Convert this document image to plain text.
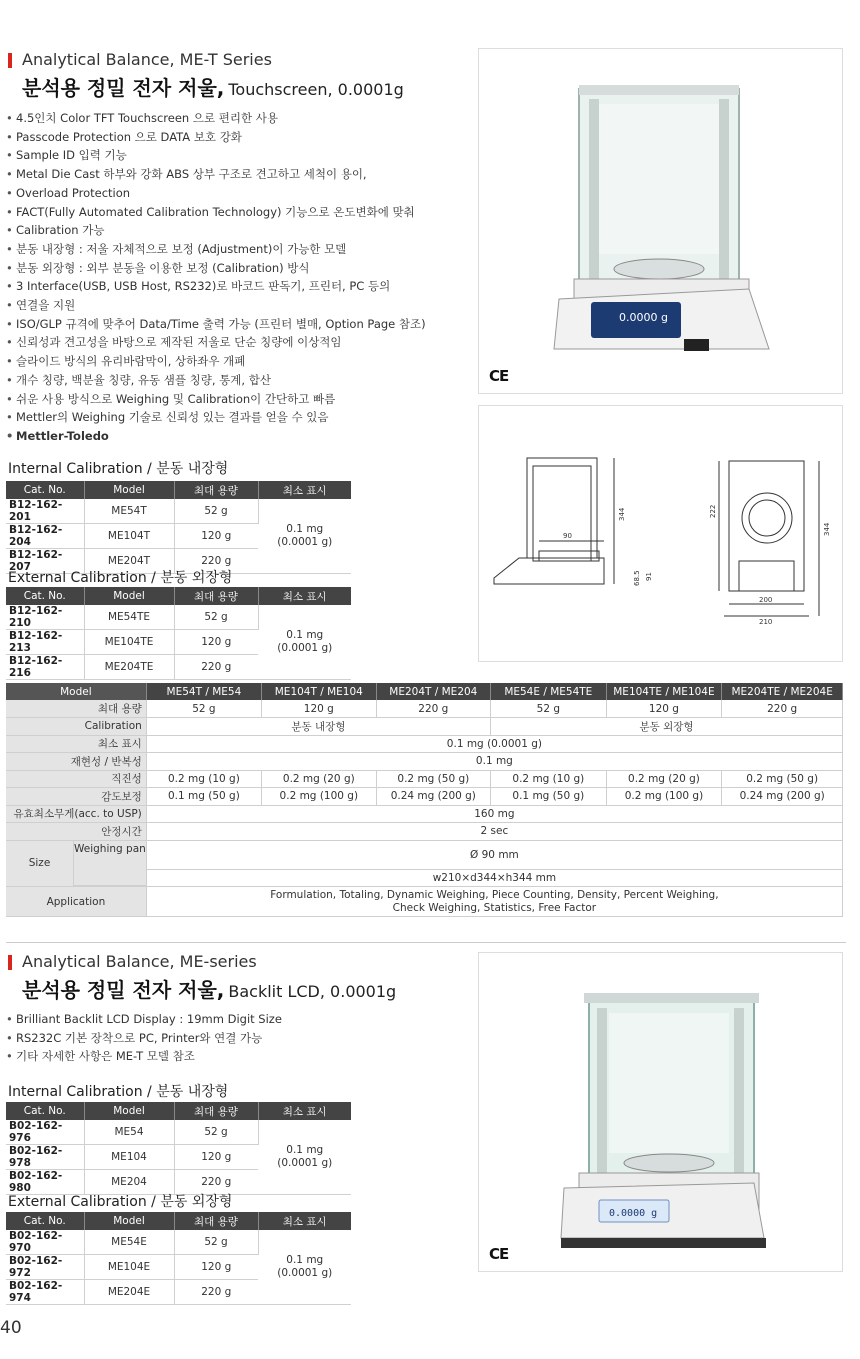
Analytical Balance, ME-T Series
분석용 정밀 전자 저울, Touchscreen, 0.0001g
• 4.5인치 Color TFT Touchscreen 으로 편리한 사용
• Passcode Protection 으로 DATA 보호 강화
• Sample ID 입력 기능
• Metal Die Cast 하부와 강화 ABS 상부 구조로 견고하고 세척이 용이,
• Overload Protection
• FACT(Fully Automated Calibration Technology) 기능으로 온도변화에 맞춰
• Calibration 가능
• 분동 내장형 : 저울 자체적으로 보정 (Adjustment)이 가능한 모델
• 분동 외장형 : 외부 분동을 이용한 보정 (Calibration) 방식
• 3 Interface(USB, USB Host, RS232)로 바코드 판독기, 프린터, PC 등의
• 연결을 지원
• ISO/GLP 규격에 맞추어 Data/Time 출력 가능 (프린터 별매, Option Page 참조)
• 신뢰성과 견고성을 바탕으로 제작된 저울로 단순 칭량에 이상적임
• 슬라이드 방식의 유리바람막이, 상하좌우 개폐
• 개수 칭량, 백분율 칭량, 유동 샘플 칭량, 통계, 합산
• 쉬운 사용 방식으로 Weighing 및 Calibration이 간단하고 빠름
• Mettler의 Weighing 기술로 신뢰성 있는 결과를 얻을 수 있음
• Mettler-Toledo
Internal Calibration / 분동 내장형
Cat. No.	Model	최대 용량	최소 표시
B12-162-201	ME54T	52 g	0.1 mg
(0.0001 g)
B12-162-204	ME104T	120 g	
B12-162-207	ME204T	220 g	
External Calibration / 분동 외장형
Cat. No.	Model	최대 용량	최소 표시
B12-162-210	ME54TE	52 g	0.1 mg
(0.0001 g)
B12-162-213	ME104TE	120 g	
B12-162-216	ME204TE	220 g	
0.0000 g
CE
90
344
68.5 91
222
344
200
210
Model	ME54T / ME54	ME104T / ME104	ME204T / ME204	ME54E / ME54TE	ME104TE / ME104E	ME204TE / ME204E
최대 용량	52 g	120 g	220 g	52 g	120 g	220 g
Calibration	분동 내장형			분동 외장형		
최소 표시	0.1 mg (0.0001 g)					
재현성 / 반복성	0.1 mg					
직진성	0.2 mg (10 g)	0.2 mg (20 g)	0.2 mg (50 g)	0.2 mg (10 g)	0.2 mg (20 g)	0.2 mg (50 g)
감도보정	0.1 mg (50 g)	0.2 mg (100 g)	0.24 mg (200 g)	0.1 mg (50 g)	0.2 mg (100 g)	0.24 mg (200 g)
유효최소무게(acc. to USP)	160 mg					
안정시간	2 sec					

Size
Weighing pan	Ø 90 mm					
	w210×d344×h344 mm					
Application	Formulation, Totaling, Dynamic Weighing, Piece Counting, Density, Percent Weighing,
Check Weighing, Statistics, Free Factor					
Analytical Balance, ME-series
분석용 정밀 전자 저울, Backlit LCD, 0.0001g
• Brilliant Backlit LCD Display : 19mm Digit Size
• RS232C 기본 장착으로 PC, Printer와 연결 가능
• 기타 자세한 사항은 ME-T 모델 참조
Internal Calibration / 분동 내장형
Cat. No.	Model	최대 용량	최소 표시
B02-162-976	ME54	52 g	0.1 mg
(0.0001 g)
B02-162-978	ME104	120 g	
B02-162-980	ME204	220 g	
External Calibration / 분동 외장형
Cat. No.	Model	최대 용량	최소 표시
B02-162-970	ME54E	52 g	0.1 mg
(0.0001 g)
B02-162-972	ME104E	120 g	
B02-162-974	ME204E	220 g	
0.0000 g
CE
40
